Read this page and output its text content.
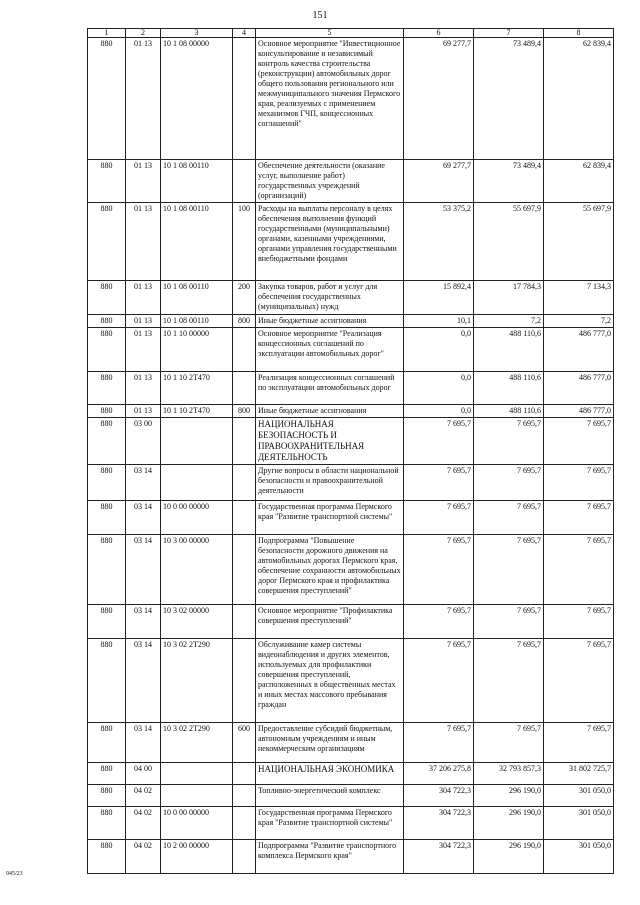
151
1	2	3	4	5	6	7	8
880	01 13	10 1 08 00000		Основное мероприятие "Инвестиционное консультирование и независимый контроль качества строительства (реконструкции) автомобильных дорог общего пользования регионального или межмуниципального значения Пермского края, реализуемых с применением механизмов ГЧП, концессионных соглашений"	69 277,7	73 489,4	62 839,4
880	01 13	10 1 08 00110		Обеспечение деятельности (оказание услуг, выполнение работ) государственных учреждений (организаций)	69 277,7	73 489,4	62 839,4
880	01 13	10 1 08 00110	100	Расходы на выплаты персоналу в целях обеспечения выполнения функций государственными (муниципальными) органами, казенными учреждениями, органами управления государственными внебюджетными фондами	53 375,2	55 697,9	55 697,9
880	01 13	10 1 08 00110	200	Закупка товаров, работ и услуг для обеспечения государственных (муниципальных) нужд	15 892,4	17 784,3	7 134,3
880	01 13	10 1 08 00110	800	Иные бюджетные ассигнования	10,1	7,2	7,2
880	01 13	10 1 10 00000		Основное мероприятие "Реализация концессионных соглашений по эксплуатации автомобильных дорог"	0,0	488 110,6	486 777,0
880	01 13	10 1 10 2Т470		Реализация концессионных соглашений по эксплуатации автомобильных дорог	0,0	488 110,6	486 777,0
880	01 13	10 1 10 2Т470	800	Иные бюджетные ассигнования	0,0	488 110,6	486 777,0
880	03 00			НАЦИОНАЛЬНАЯ БЕЗОПАСНОСТЬ И ПРАВООХРАНИТЕЛЬНАЯ ДЕЯТЕЛЬНОСТЬ	7 695,7	7 695,7	7 695,7
880	03 14			Другие вопросы в области национальной безопасности и правоохранительной деятельности	7 695,7	7 695,7	7 695,7
880	03 14	10 0 00 00000		Государственная программа Пермского края "Развитие транспортной системы"	7 695,7	7 695,7	7 695,7
880	03 14	10 3 00 00000		Подпрограмма "Повышение безопасности дорожного движения на автомобильных дорогах Пермского края, обеспечение сохранности автомобильных дорог Пермского края и профилактика совершения преступлений"	7 695,7	7 695,7	7 695,7
880	03 14	10 3 02 00000		Основное мероприятие "Профилактика совершения преступлений"	7 695,7	7 695,7	7 695,7
880	03 14	10 3 02 2Т290		Обслуживание камер системы видеонаблюдения и других элементов, используемых для профилактики совершения преступлений, расположенных в общественных местах и иных местах массового пребывания граждан	7 695,7	7 695,7	7 695,7
880	03 14	10 3 02 2Т290	600	Предоставление субсидий бюджетным, автономным учреждениям и иным некоммерческим организациям	7 695,7	7 695,7	7 695,7
880	04 00			НАЦИОНАЛЬНАЯ ЭКОНОМИКА	37 206 275,8	32 793 857,3	31 802 725,7
880	04 02			Топливно-энергетический комплекс	304 722,3	296 190,0	301 050,0
880	04 02	10 0 00 00000		Государственная программа Пермского края "Развитие транспортной системы"	304 722,3	296 190,0	301 050,0
880	04 02	10 2 00 00000		Подпрограмма "Развитие транспортного комплекса Пермского края"	304 722,3	296 190,0	301 050,0
945/23
